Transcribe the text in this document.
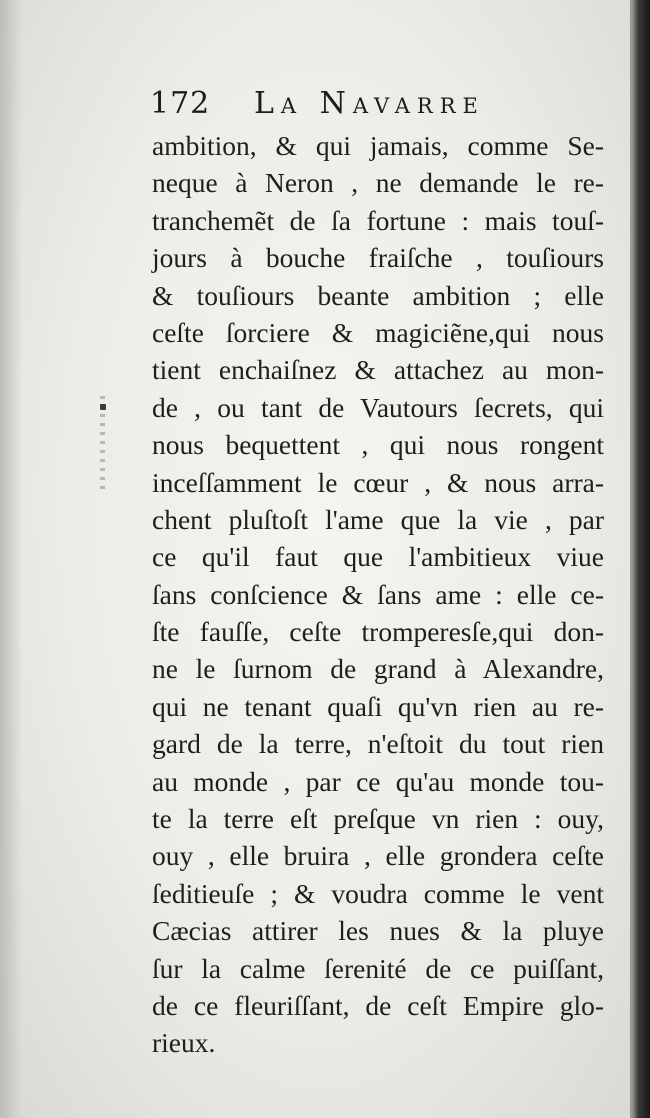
172 La Navarre
ambition, & qui jamais, comme Se-
neque à Neron , ne demande le re-
tranchemẽt de ſa fortune : mais touſ-
jours à bouche fraiſche , touſiours
& touſiours beante ambition ; elle
ceſte ſorciere & magiciẽne,qui nous
tient enchaiſnez & attachez au mon-
de , ou tant de Vautours ſecrets, qui
nous bequettent , qui nous rongent
inceſſamment le cœur , & nous arra-
chent pluſtoſt l'ame que la vie , par
ce qu'il faut que l'ambitieux viue
ſans conſcience & ſans ame : elle ce-
ſte fauſſe, ceſte tromperesſe,qui don-
ne le ſurnom de grand à Alexandre,
qui ne tenant quaſi qu'vn rien au re-
gard de la terre, n'eſtoit du tout rien
au monde , par ce qu'au monde tou-
te la terre eſt preſque vn rien : ouy,
ouy , elle bruira , elle grondera ceſte
ſeditieuſe ; & voudra comme le vent
Cæcias attirer les nues & la pluye
ſur la calme ſerenité de ce puiſſant,
de ce fleuriſſant, de ceſt Empire glo-
rieux.
